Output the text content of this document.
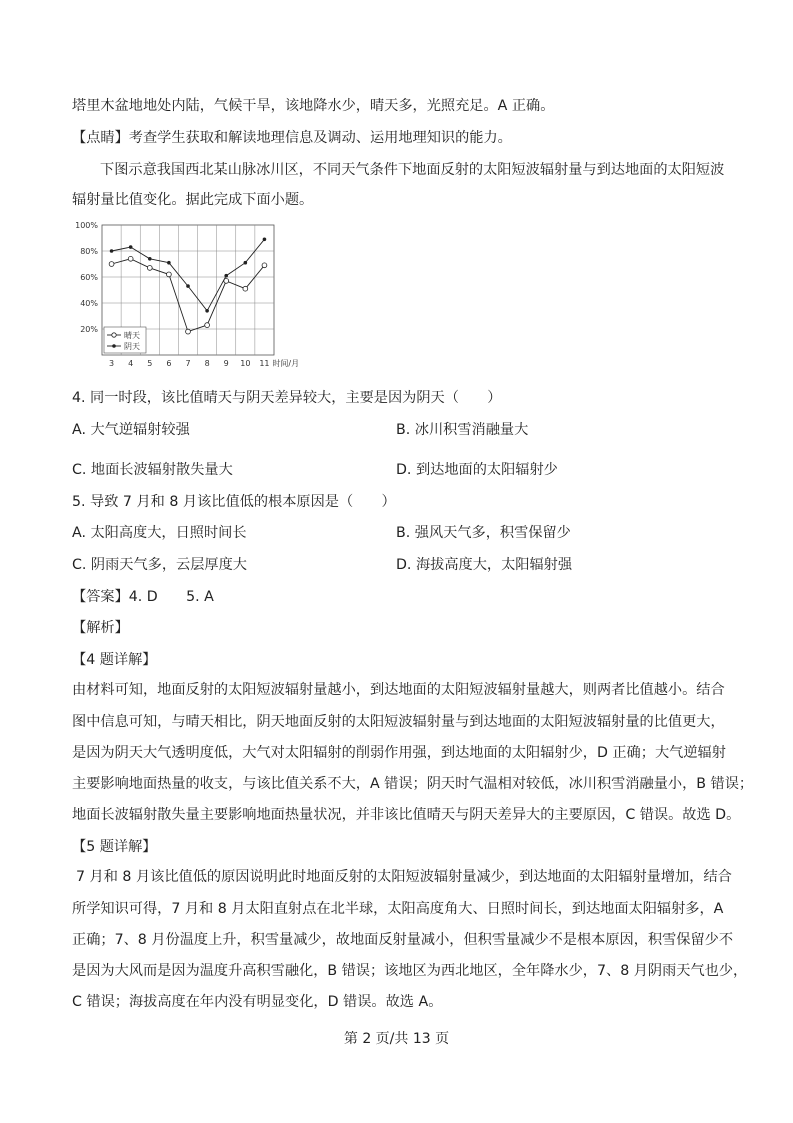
塔里木盆地地处内陆，气候干旱，该地降水少，晴天多，光照充足。A 正确。
【点睛】考查学生获取和解读地理信息及调动、运用地理知识的能力。
下图示意我国西北某山脉冰川区，不同天气条件下地面反射的太阳短波辐射量与到达地面的太阳短波
辐射量比值变化。据此完成下面小题。
20%
40%
60%
80%
100%
3 4 5 6 7 8 9 10 11 时间/月
晴天
阴天
4. 同一时段，该比值晴天与阴天差异较大，主要是因为阴天（　　）
A. 大气逆辐射较强	B. 冰川积雪消融量大
C. 地面长波辐射散失量大	D. 到达地面的太阳辐射少
5. 导致 7 月和 8 月该比值低的根本原因是（　　）
A. 太阳高度大，日照时间长	B. 强风天气多，积雪保留少
C. 阴雨天气多，云层厚度大	D. 海拔高度大，太阳辐射强
【答案】4. D　　5. A
【解析】
【4 题详解】
由材料可知，地面反射的太阳短波辐射量越小，到达地面的太阳短波辐射量越大，则两者比值越小。结合
图中信息可知，与晴天相比，阴天地面反射的太阳短波辐射量与到达地面的太阳短波辐射量的比值更大，
是因为阴天大气透明度低，大气对太阳辐射的削弱作用强，到达地面的太阳辐射少，D 正确；大气逆辐射
主要影响地面热量的收支，与该比值关系不大，A 错误；阴天时气温相对较低，冰川积雪消融量小，B 错误；
地面长波辐射散失量主要影响地面热量状况，并非该比值晴天与阴天差异大的主要原因，C 错误。故选 D。
【5 题详解】
7 月和 8 月该比值低的原因说明此时地面反射的太阳短波辐射量减少，到达地面的太阳辐射量增加，结合
所学知识可得，7 月和 8 月太阳直射点在北半球，太阳高度角大、日照时间长，到达地面太阳辐射多，A
正确；7、8 月份温度上升，积雪量减少，故地面反射量减小，但积雪量减少不是根本原因，积雪保留少不
是因为大风而是因为温度升高积雪融化，B 错误；该地区为西北地区，全年降水少，7、8 月阴雨天气也少，
C 错误；海拔高度在年内没有明显变化，D 错误。故选 A。
第 2 页/共 13 页
